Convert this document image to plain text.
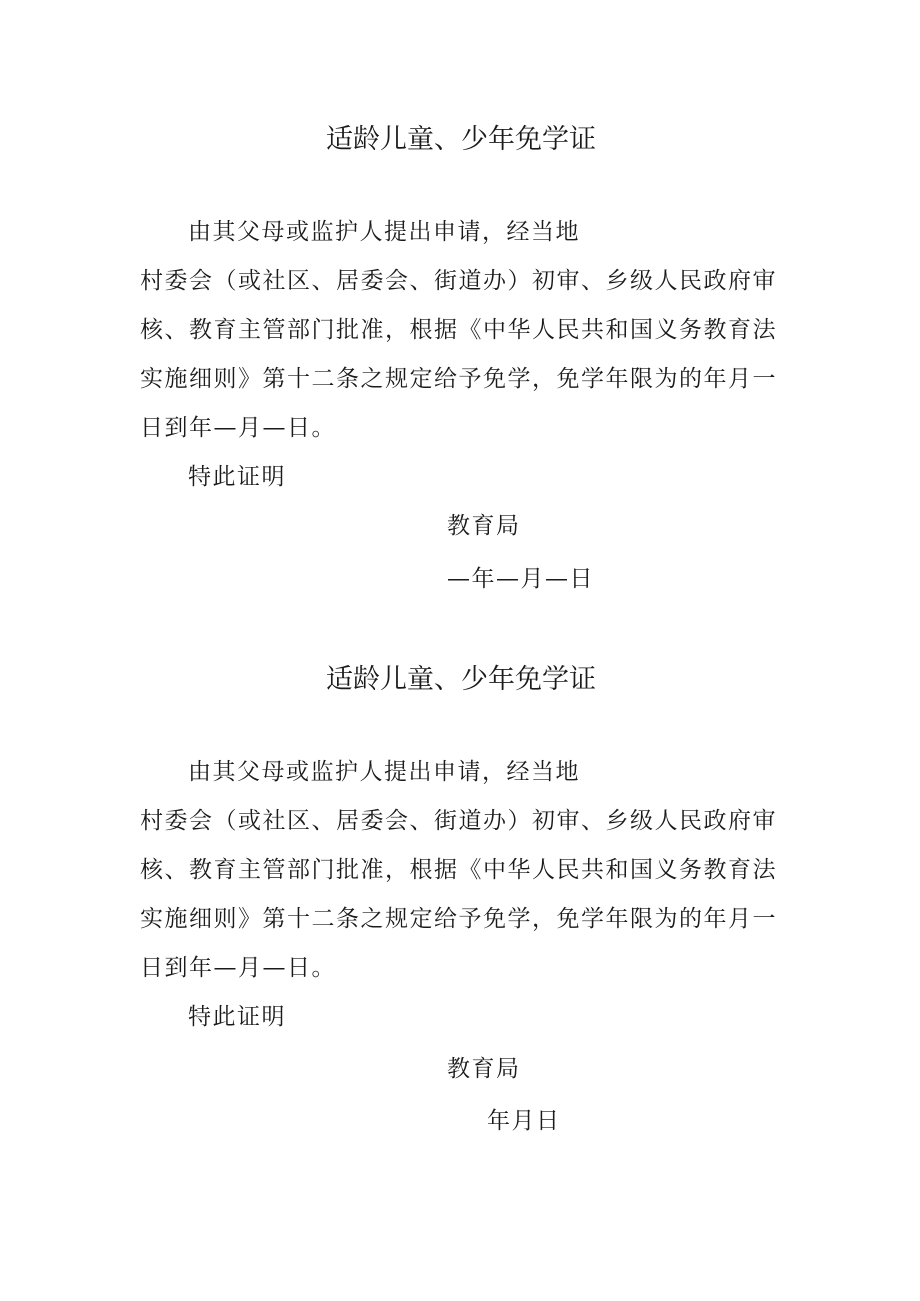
适龄儿童、少年免学证
由其父母或监护人提出申请，经当地
村委会（或社区、居委会、街道办）初审、乡级人民政府审
核、教育主管部门批准，根据《中华人民共和国义务教育法
实施细则》第十二条之规定给予免学，免学年限为的年月一
日到年—月—日。
特此证明
教育局
—年—月—日
适龄儿童、少年免学证
由其父母或监护人提出申请，经当地
村委会（或社区、居委会、街道办）初审、乡级人民政府审
核、教育主管部门批准，根据《中华人民共和国义务教育法
实施细则》第十二条之规定给予免学，免学年限为的年月一
日到年—月—日。
特此证明
教育局
年月日
